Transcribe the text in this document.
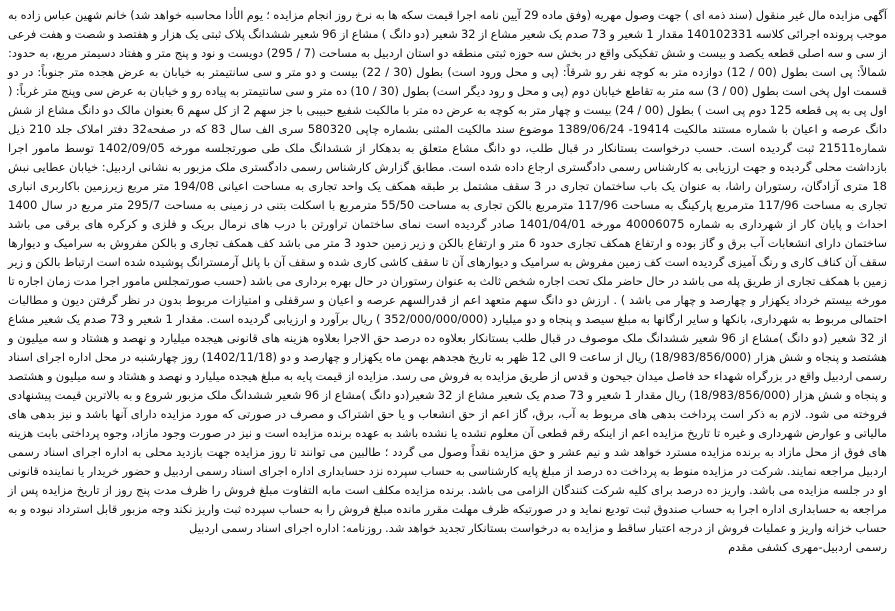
آگهی مزایده مال غیر منقول (سند ذمه ای ) جهت وصول مهریه (وفق ماده 29 آیین نامه اجرا قیمت سکه ها به نرخ روز انجام مزایده ؛ یوم الأدا محاسبه خواهد شد) خانم شهین عباس زاده به موجب پرونده اجرائی کلاسه 140102331 مقدار 1 شعیر و 73 صدم یک شعیر مشاع از 32 شعیر (دو دانگ ) مشاع از 96 شعیر ششدانگ پلاک ثبتی یک هزار و هفتصد و شصت و هفت فرعی از سی و سه اصلی قطعه یکصد و بیست و شش تفکیکی واقع در بخش سه حوزه ثبتی منطقه دو استان اردبیل به مساحت (7 / 295) دویست و نود و پنج متر و هفتاد دسیمتر مربع، به حدود: شمالاً: پی است بطول (00 / 12) دوازده متر به کوچه نفر رو شرقاً: (پی و محل ورود است) بطول (30 / 22) بیست و دو متر و سی سانتیمتر به خیابان به عرض هجده متر جنوباً: در دو قسمت اول پخی است بطول (00 / 3) سه متر به تقاطع خیابان دوم (پی و محل و رود دیگر است) بطول (30 / 10) ده متر و سی سانتیمتر به پیاده رو و خیابان به عرض سی وپنج متر غرباً: ( اول پی به پی قطعه 125 دوم پی است ) بطول (00 / 24) بیست و چهار متر به کوچه به عرض ده متر با مالکیت شفیع حبیبی با جز سهم 2 از کل سهم 6 بعنوان مالک دو دانگ مشاع از شش دانگ عرصه و اعیان با شماره مستند مالکیت 19414- 1389/06/24 موضوع سند مالکیت المثنی بشماره چاپی 580320 سری الف سال 83 که در صفحه32 دفتر املاک جلد 210 ذیل شماره21511 ثبت گردیده است. حسب درخواست بستانکار در قبال طلب، دو دانگ مشاع متعلق به بدهکار از ششدانگ ملک طی صورتجلسه مورخه 1402/09/05 توسط مامور اجرا بازداشت محلی گردیده و جهت ارزیابی به کارشناس رسمی دادگستری ارجاع داده شده است. مطابق گزارش کارشناس رسمی دادگستری ملک مزبور به نشانی اردبیل: خیابان عطایی نبش 18 متری آزادگان، رستوران راشا، به عنوان یک باب ساختمان تجاری در 3 سقف مشتمل بر طبقه همکف یک واحد تجاری به مساحت اعیانی 194/08 متر مربع زیرزمین باکاربری انباری تجاری به مساحت 117/96 مترمربع پارکینگ به مساحت 117/96 مترمربع بالکن تجاری به مساحت 55/50 مترمربع با اسکلت بتنی در زمینی به مساحت 295/7 متر مربع در سال 1400 احداث و پایان کار از شهرداری به شماره 40006075 مورخه 1401/04/01 صادر گردیده است نمای ساختمان تراورتن با درب های نرمال بریک و فلزی و کرکره های برقی می باشد ساختمان دارای انشعابات آب برق و گاز بوده و ارتفاع همکف تجاری حدود 6 متر و ارتفاع بالکن و زیر زمین حدود 3 متر می باشد کف همکف تجاری و بالکن مفروش به سرامیک و دیوارها سقف آن کناف کاری و رنگ آمیزی گردیده است کف زمین مفروش به سرامیک و دیوارهای آن تا سقف کاشی کاری شده و سقف آن با پانل آرمسترانگ پوشیده شده است ارتباط بالکن و زیر زمین با همکف تجاری از طریق پله می باشد در حال حاضر ملک تحت اجاره شخص ثالث به عنوان رستوران در حال بهره برداری می باشد (حسب صورتمجلس مامور اجرا مدت زمان اجاره تا مورخه بیستم خرداد یکهزار و چهارصد و چهار می باشد ) . ارزش دو دانگ سهم متعهد اعم از قدرالسهم عرصه و اعیان و سرقفلی و امتیازات مربوط بدون در نظر گرفتن دیون و مطالبات احتمالی مربوط به شهرداری، بانکها و سایر ارگانها به مبلغ سیصد و پنجاه و دو میلیارد (352/000/000/000 ) ریال برآورد و ارزیابی گردیده است. مقدار 1 شعیر و 73 صدم یک شعیر مشاع از 32 شعیر (دو دانگ )مشاع از 96 شعیر ششدانگ ملک موصوف در قبال طلب بستانکار بعلاوه ده درصد حق الاجرا بعلاوه هزینه های قانونی هیجده میلیارد و نهصد و هشتاد و سه میلیون و هشتصد و پنجاه و شش هزار (18/983/856/000) ریال از ساعت 9 الی 12 ظهر به تاریخ هجدهم بهمن ماه یکهزار و چهارصد و دو (1402/11/18) روز چهارشنبه در محل اداره اجرای اسناد رسمی اردبیل واقع در بزرگراه شهداء حد فاصل میدان جیحون و قدس از طریق مزایده به فروش می رسد. مزایده از قیمت پایه به مبلغ هیجده میلیارد و نهصد و هشتاد و سه میلیون و هشتصد و پنجاه و شش هزار (18/983/856/000) ریال مقدار 1 شعیر و 73 صدم یک شعیر مشاع از 32 شعیر(دو دانگ )مشاع از 96 شعیر ششدانگ ملک مزبور شروع و به بالاترین قیمت پیشنهادی فروخته می شود. لازم به ذکر است پرداخت بدهی های مربوط به آب، برق، گاز اعم از حق انشعاب و یا حق اشتراک و مصرف در صورتی که مورد مزایده دارای آنها باشد و نیز بدهی های مالیاتی و عوارض شهرداری و غیره تا تاریخ مزایده اعم از اینکه رقم قطعی آن معلوم نشده یا نشده باشد به عهده برنده مزایده است و نیز در صورت وجود مازاد، وجوه پرداختی بابت هزینه های فوق از محل مازاد به برنده مزایده مسترد خواهد شد و نیم عشر و حق مزایده نقداً وصول می گردد ؛ طالبین می توانند تا روز مزایده جهت بازدید محلی به اداره اجرای اسناد رسمی اردبیل مراجعه نمایند. شرکت در مزایده منوط به پرداخت ده درصد از مبلغ پایه کارشناسی به حساب سپرده نزد حسابداری اداره اجرای اسناد رسمی اردبیل و حضور خریدار یا نماینده قانونی او در جلسه مزایده می باشد. واریز ده درصد برای کلیه شرکت کنندگان الزامی می باشد. برنده مزایده مکلف است مابه التفاوت مبلغ فروش را ظرف مدت پنج روز از تاریخ مزایده پس از مراجعه به حسابداری اداره اجرا به حساب صندوق ثبت تودیع نماید و در صورتیکه ظرف مهلت مقرر مانده مبلغ فروش را به حساب سپرده ثبت واریز نکند وجه مزبور قابل استرداد نبوده و به حساب خزانه واریز و عملیات فروش از درجه اعتبار ساقط و مزایده به درخواست بستانکار تجدید خواهد شد. روزنامه: اداره اجرای اسناد رسمی اردبیل

رسمی اردبیل-مهری کشفی مقدم
